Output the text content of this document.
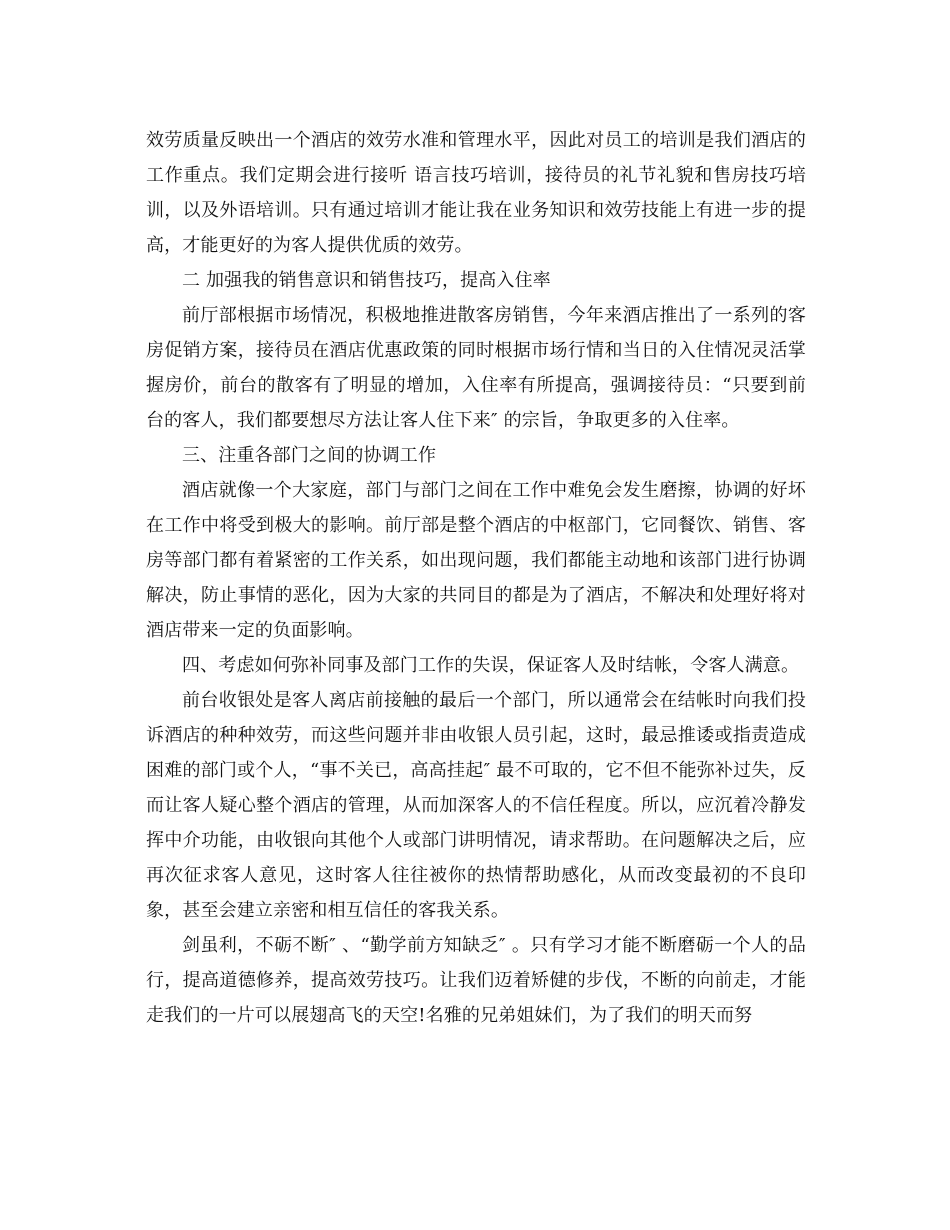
效劳质量反映出一个酒店的效劳水准和管理水平，因此对员工的培训是我们酒店的工作重点。我们定期会进行接听 语言技巧培训，接待员的礼节礼貌和售房技巧培训，以及外语培训。只有通过培训才能让我在业务知识和效劳技能上有进一步的提高，才能更好的为客人提供优质的效劳。

二 加强我的销售意识和销售技巧，提高入住率

前厅部根据市场情况，积极地推进散客房销售，今年来酒店推出了一系列的客房促销方案，接待员在酒店优惠政策的同时根据市场行情和当日的入住情况灵活掌握房价，前台的散客有了明显的增加，入住率有所提高，强调接待员：“只要到前台的客人，我们都要想尽方法让客人住下来″ 的宗旨，争取更多的入住率。

三、注重各部门之间的协调工作

酒店就像一个大家庭，部门与部门之间在工作中难免会发生磨擦，协调的好坏在工作中将受到极大的影响。前厅部是整个酒店的中枢部门，它同餐饮、销售、客房等部门都有着紧密的工作关系，如出现问题，我们都能主动地和该部门进行协调解决，防止事情的恶化，因为大家的共同目的都是为了酒店，不解决和处理好将对酒店带来一定的负面影响。

四、考虑如何弥补同事及部门工作的失误，保证客人及时结帐，令客人满意。

前台收银处是客人离店前接触的最后一个部门，所以通常会在结帐时向我们投诉酒店的种种效劳，而这些问题并非由收银人员引起，这时，最忌推诿或指责造成困难的部门或个人，“事不关已，高高挂起″ 最不可取的，它不但不能弥补过失，反而让客人疑心整个酒店的管理，从而加深客人的不信任程度。所以，应沉着冷静发挥中介功能，由收银向其他个人或部门讲明情况，请求帮助。在问题解决之后，应再次征求客人意见，这时客人往往被你的热情帮助感化，从而改变最初的不良印象，甚至会建立亲密和相互信任的客我关系。

剑虽利，不砺不断″ 、“勤学前方知缺乏″ 。只有学习才能不断磨砺一个人的品行，提高道德修养，提高效劳技巧。让我们迈着矫健的步伐，不断的向前走，才能走我们的一片可以展翅高飞的天空!名雅的兄弟姐妹们，为了我们的明天而努
